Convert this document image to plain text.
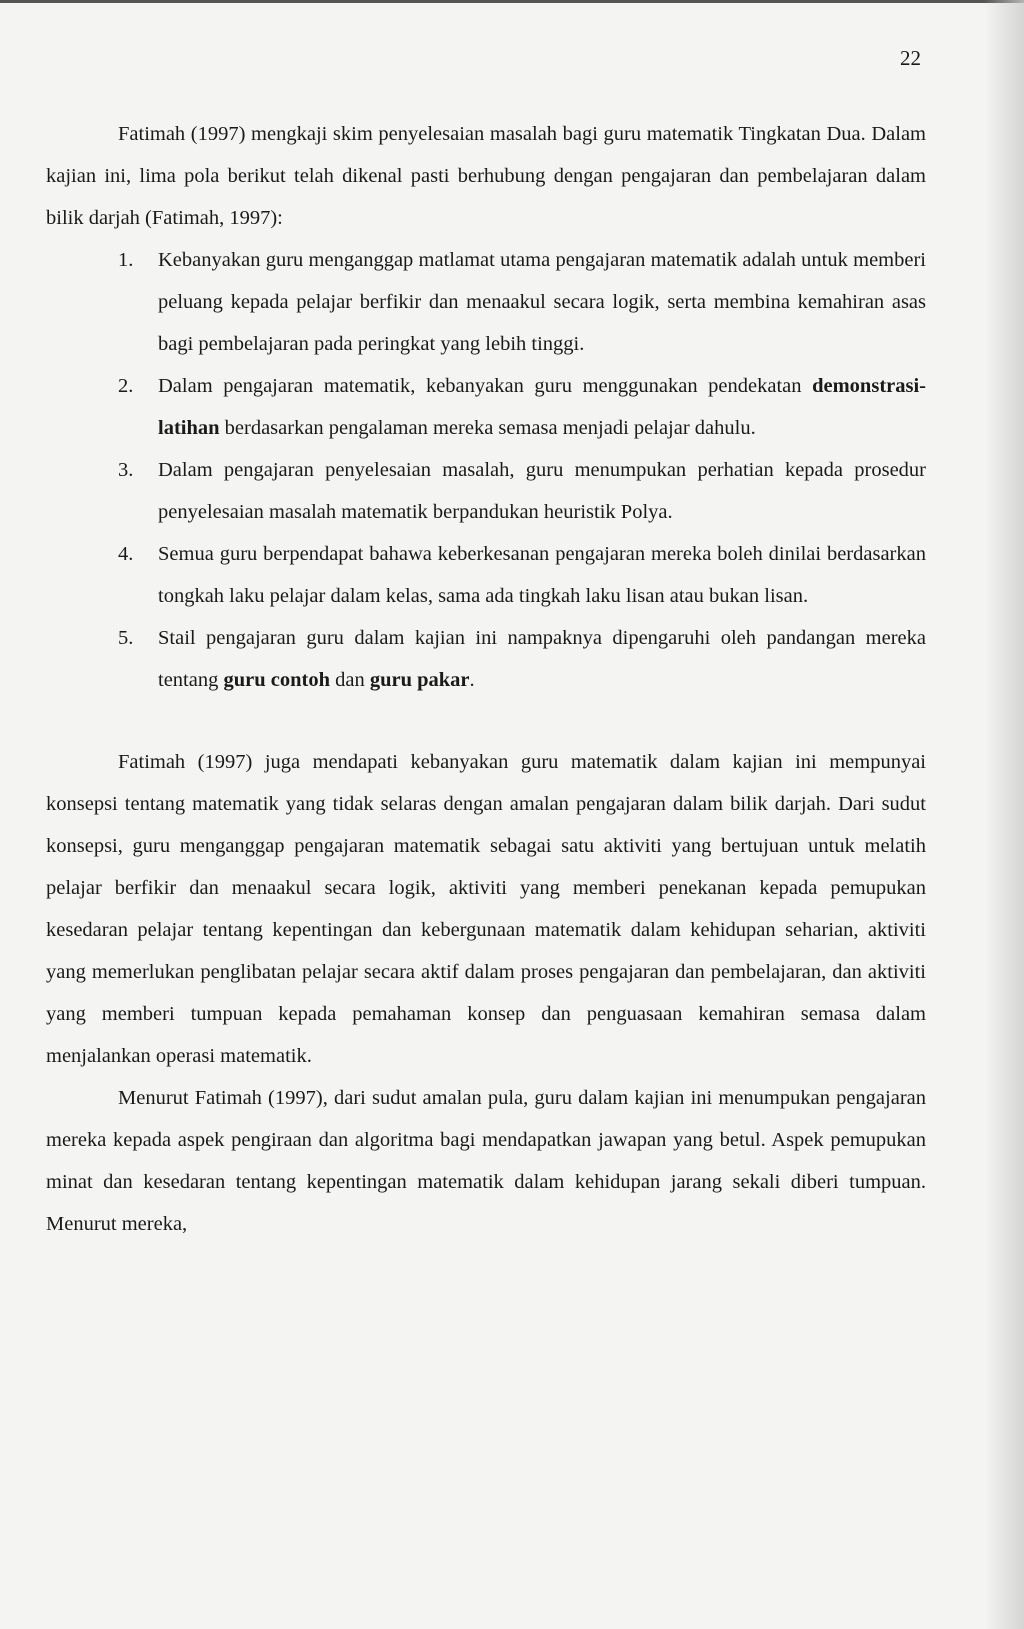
22

Fatimah (1997) mengkaji skim penyelesaian masalah bagi guru matematik Tingkatan Dua. Dalam kajian ini, lima pola berikut telah dikenal pasti berhubung dengan pengajaran dan pembelajaran dalam bilik darjah (Fatimah, 1997):

1. Kebanyakan guru menganggap matlamat utama pengajaran matematik adalah untuk memberi peluang kepada pelajar berfikir dan menaakul secara logik, serta membina kemahiran asas bagi pembelajaran pada peringkat yang lebih tinggi.
2. Dalam pengajaran matematik, kebanyakan guru menggunakan pendekatan demonstrasi-latihan berdasarkan pengalaman mereka semasa menjadi pelajar dahulu.
3. Dalam pengajaran penyelesaian masalah, guru menumpukan perhatian kepada prosedur penyelesaian masalah matematik berpandukan heuristik Polya.
4. Semua guru berpendapat bahawa keberkesanan pengajaran mereka boleh dinilai berdasarkan tongkah laku pelajar dalam kelas, sama ada tingkah laku lisan atau bukan lisan.
5. Stail pengajaran guru dalam kajian ini nampaknya dipengaruhi oleh pandangan mereka tentang guru contoh dan guru pakar.

Fatimah (1997) juga mendapati kebanyakan guru matematik dalam kajian ini mempunyai konsepsi tentang matematik yang tidak selaras dengan amalan pengajaran dalam bilik darjah. Dari sudut konsepsi, guru menganggap pengajaran matematik sebagai satu aktiviti yang bertujuan untuk melatih pelajar berfikir dan menaakul secara logik, aktiviti yang memberi penekanan kepada pemupukan kesedaran pelajar tentang kepentingan dan kebergunaan matematik dalam kehidupan seharian, aktiviti yang memerlukan penglibatan pelajar secara aktif dalam proses pengajaran dan pembelajaran, dan aktiviti yang memberi tumpuan kepada pemahaman konsep dan penguasaan kemahiran semasa dalam menjalankan operasi matematik.

Menurut Fatimah (1997), dari sudut amalan pula, guru dalam kajian ini menumpukan pengajaran mereka kepada aspek pengiraan dan algoritma bagi mendapatkan jawapan yang betul. Aspek pemupukan minat dan kesedaran tentang kepentingan matematik dalam kehidupan jarang sekali diberi tumpuan. Menurut mereka,
